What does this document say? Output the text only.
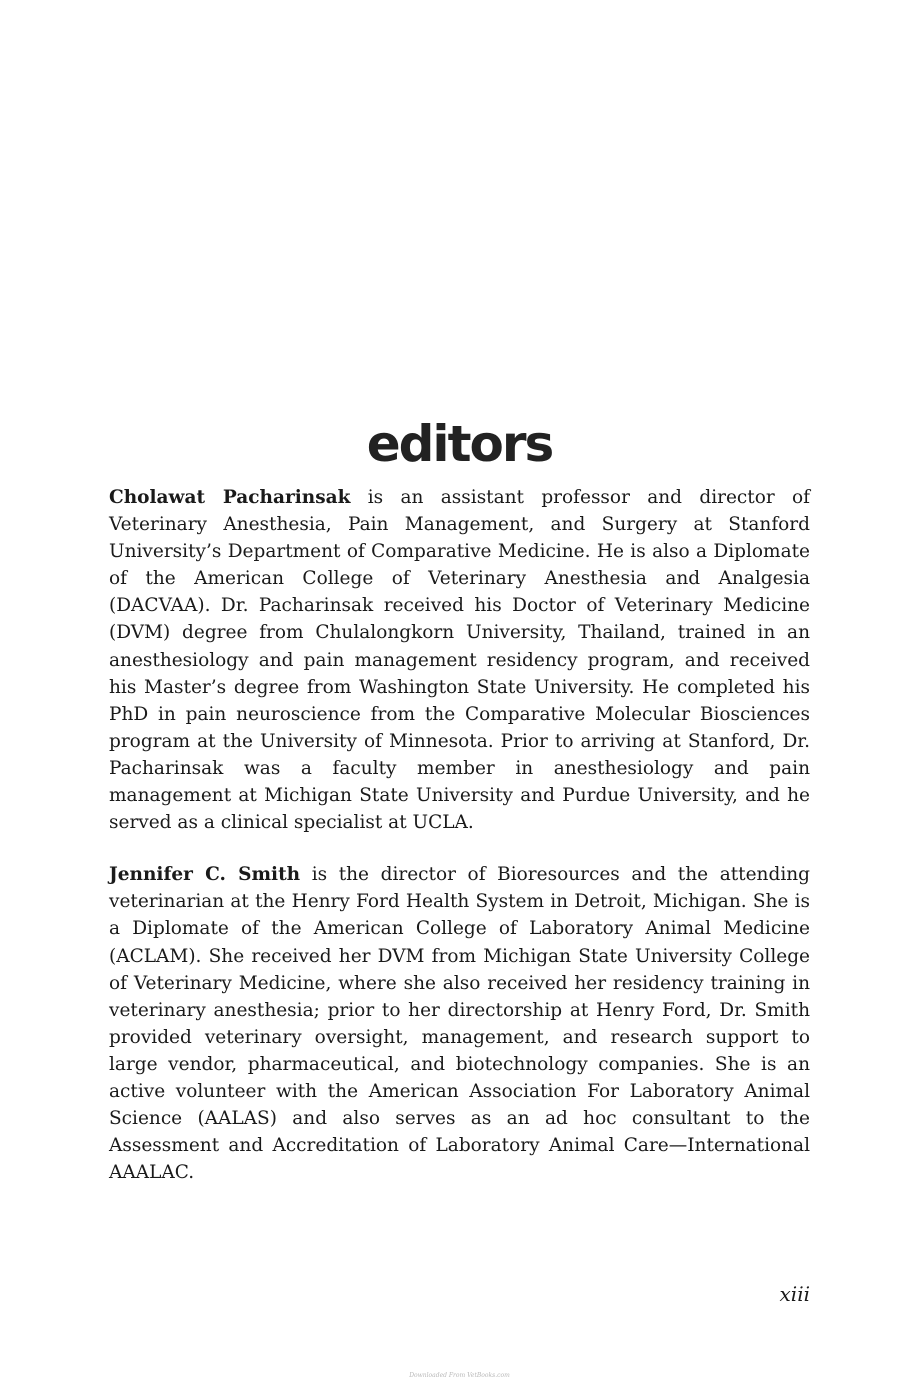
editors

Cholawat Pacharinsak is an assistant professor and director of Veterinary Anesthesia, Pain Management, and Surgery at Stanford University’s Department of Comparative Medicine. He is also a Diplomate of the American College of Veterinary Anesthesia and Analgesia (DACVAA). Dr. Pacharinsak received his Doctor of Veterinary Medicine (DVM) degree from Chulalongkorn University, Thailand, trained in an anesthesiology and pain management residency program, and received his Master’s degree from Washington State University. He completed his PhD in pain neuroscience from the Comparative Molecular Biosciences program at the University of Minnesota. Prior to arriving at Stanford, Dr. Pacharinsak was a faculty member in anesthesiology and pain management at Michigan State University and Purdue University, and he served as a clinical specialist at UCLA.

Jennifer C. Smith is the director of Bioresources and the attending veterinarian at the Henry Ford Health System in Detroit, Michigan. She is a Diplomate of the American College of Laboratory Animal Medicine (ACLAM). She received her DVM from Michigan State University College of Veterinary Medicine, where she also received her residency training in veterinary anesthesia; prior to her directorship at Henry Ford, Dr. Smith provided veterinary oversight, management, and research support to large vendor, pharmaceutical, and biotechnology companies. She is an active volunteer with the American Association For Laboratory Animal Science (AALAS) and also serves as an ad hoc consultant to the Assessment and Accreditation of Laboratory Animal Care—International AAALAC.

xiii
Downloaded From VetBooks.com
